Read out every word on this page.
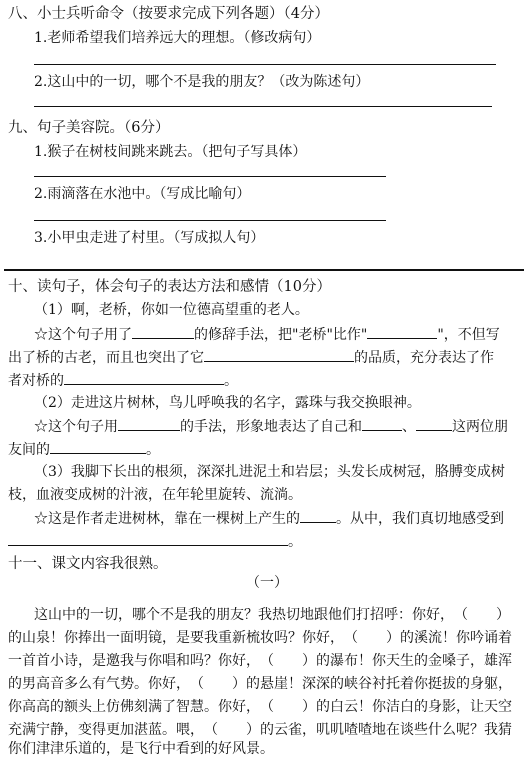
八、小士兵听命令（按要求完成下列各题）（4分）
1.老师希望我们培养远大的理想。（修改病句）
2.这山中的一切，哪个不是我的朋友？（改为陈述句）
九、句子美容院。（6分）
1.猴子在树枝间跳来跳去。（把句子写具体）
2.雨滴落在水池中。（写成比喻句）
3.小甲虫走进了村里。（写成拟人句）
十、读句子，体会句子的表达方法和感情（10分）
（1）啊，老桥，你如一位德高望重的老人。
☆这个句子用了	的修辞手法，把"老桥"比作"	"，不但写
出了桥的古老，而且也突出了它	的品质，充分表达了作
者对桥的	。
（2）走进这片树林，鸟儿呼唤我的名字，露珠与我交换眼神。
☆这个句子用	的手法，形象地表达了自己和	、	这两位朋
友间的	。
（3）我脚下长出的根须，深深扎进泥土和岩层；头发长成树冠，胳膊变成树
枝，血液变成树的汁液，在年轮里旋转、流淌。
☆这是作者走进树林，靠在一棵树上产生的	。从中，我们真切地感受到
。
十一、课文内容我很熟。
（一）
这山中的一切，哪个不是我的朋友？我热切地跟他们打招呼：你好，（　　）
的山泉！你捧出一面明镜，是要我重新梳妆吗？你好，（　　）的溪流！你吟诵着
一首首小诗，是邀我与你唱和吗？你好，（　　）的瀑布！你天生的金嗓子，雄浑
的男高音多么有气势。你好，（　　）的悬崖！深深的峡谷衬托着你挺拔的身躯，
你高高的额头上仿佛刻满了智慧。你好，（　　）的白云！你洁白的身影，让天空
充满宁静，变得更加湛蓝。喂，（　　）的云雀，叽叽喳喳地在谈些什么呢？我猜
你们津津乐道的，是飞行中看到的好风景。
